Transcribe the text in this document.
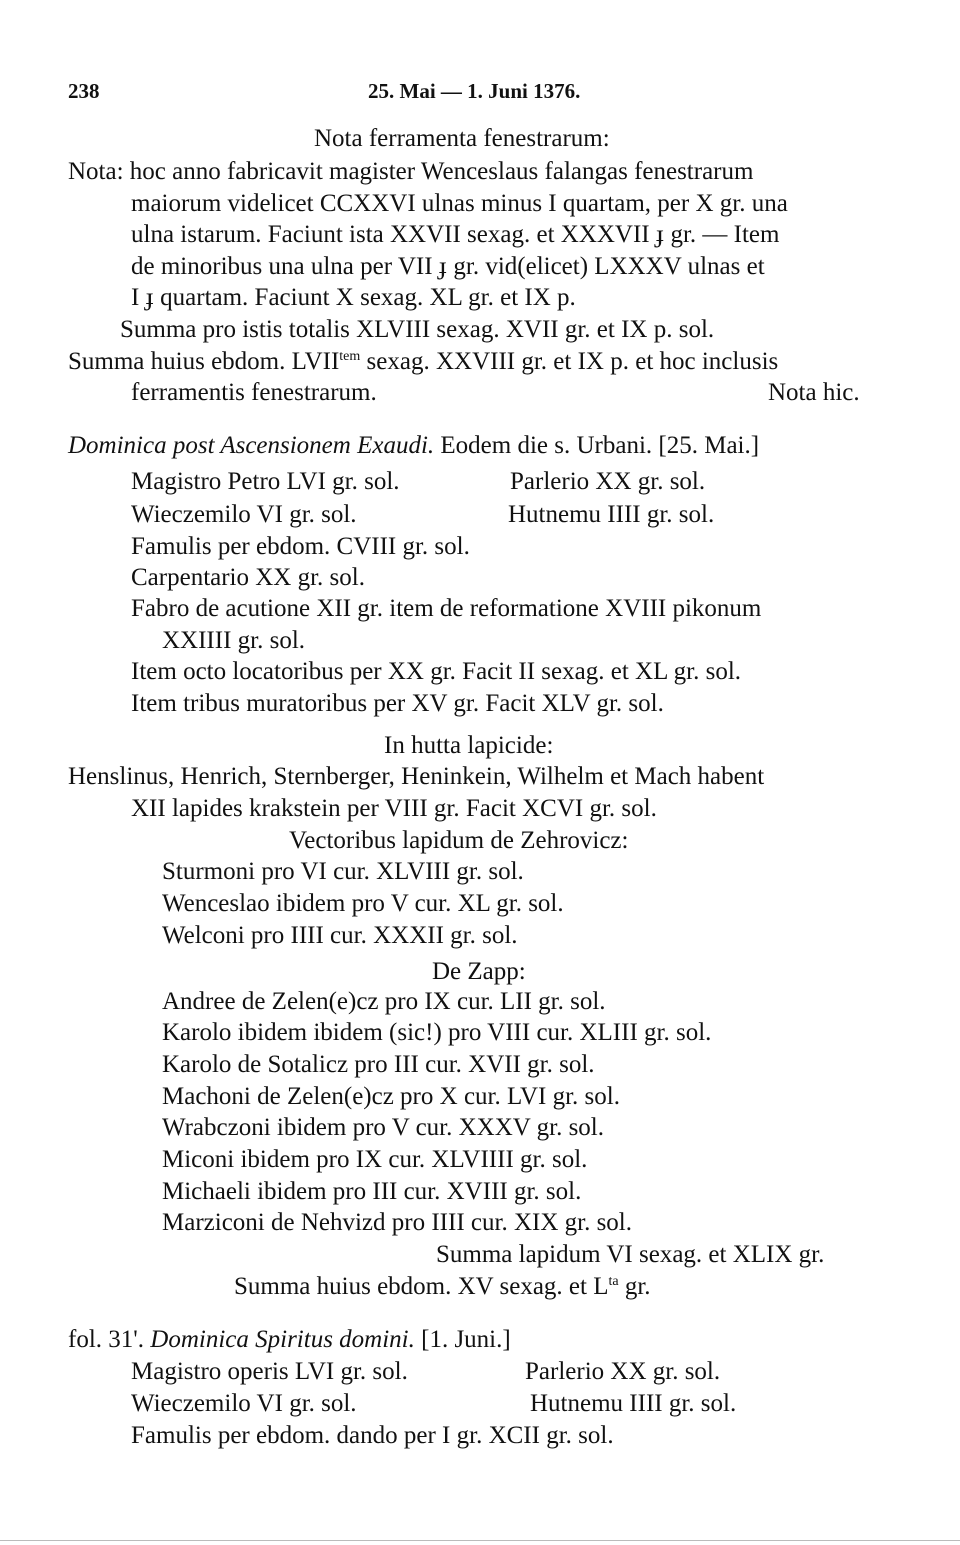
238	25. Mai — 1. Juni 1376.
Nota ferramenta fenestrarum:
Nota: hoc anno fabricavit magister Wenceslaus falangas fenestrarum
maiorum videlicet CCXXVI ulnas minus I quartam, per X gr. una
ulna istarum. Faciunt ista XXVII sexag. et XXXVII ɟ gr. — Item
de minoribus una ulna per VII ɟ gr. vid(elicet) LXXXV ulnas et
I ɟ quartam. Faciunt X sexag. XL gr. et IX p.
Summa pro istis totalis XLVIII sexag. XVII gr. et IX p. sol.
Summa huius ebdom. $LVII^{tem}$ sexag. XXVIII gr. et IX p. et hoc inclusis
ferramentis fenestrarum.	Nota hic.
Dominica post Ascensionem Exaudi. Eodem die s. Urbani. [25. Mai.]
Magistro Petro LVI gr. sol.	Parlerio XX gr. sol.
Wieczemilo VI gr. sol.	Hutnemu IIII gr. sol.
Famulis per ebdom. CVIII gr. sol.
Carpentario XX gr. sol.
Fabro de acutione XII gr. item de reformatione XVIII pikonum
XXIIII gr. sol.
Item octo locatoribus per XX gr. Facit II sexag. et XL gr. sol.
Item tribus muratoribus per XV gr. Facit XLV gr. sol.
In hutta lapicide:
Henslinus, Henrich, Sternberger, Heninkein, Wilhelm et Mach habent
XII lapides krakstein per VIII gr. Facit XCVI gr. sol.
Vectoribus lapidum de Zehrovicz:
Sturmoni pro VI cur. XLVIII gr. sol.
Wenceslao ibidem pro V cur. XL gr. sol.
Welconi pro IIII cur. XXXII gr. sol.
De Zapp:
Andree de Zelen(e)cz pro IX cur. LII gr. sol.
Karolo ibidem ibidem (sic!) pro VIII cur. XLIII gr. sol.
Karolo de Sotalicz pro III cur. XVII gr. sol.
Machoni de Zelen(e)cz pro X cur. LVI gr. sol.
Wrabczoni ibidem pro V cur. XXXV gr. sol.
Miconi ibidem pro IX cur. XLVIIII gr. sol.
Michaeli ibidem pro III cur. XVIII gr. sol.
Marziconi de Nehvizd pro IIII cur. XIX gr. sol.
Summa lapidum VI sexag. et XLIX gr.
Summa huius ebdom. XV sexag. et $L^{ta}$ gr.
fol. 31'. Dominica Spiritus domini. [1. Juni.]
Magistro operis LVI gr. sol.	Parlerio XX gr. sol.
Wieczemilo VI gr. sol.	Hutnemu IIII gr. sol.
Famulis per ebdom. dando per I gr. XCII gr. sol.
